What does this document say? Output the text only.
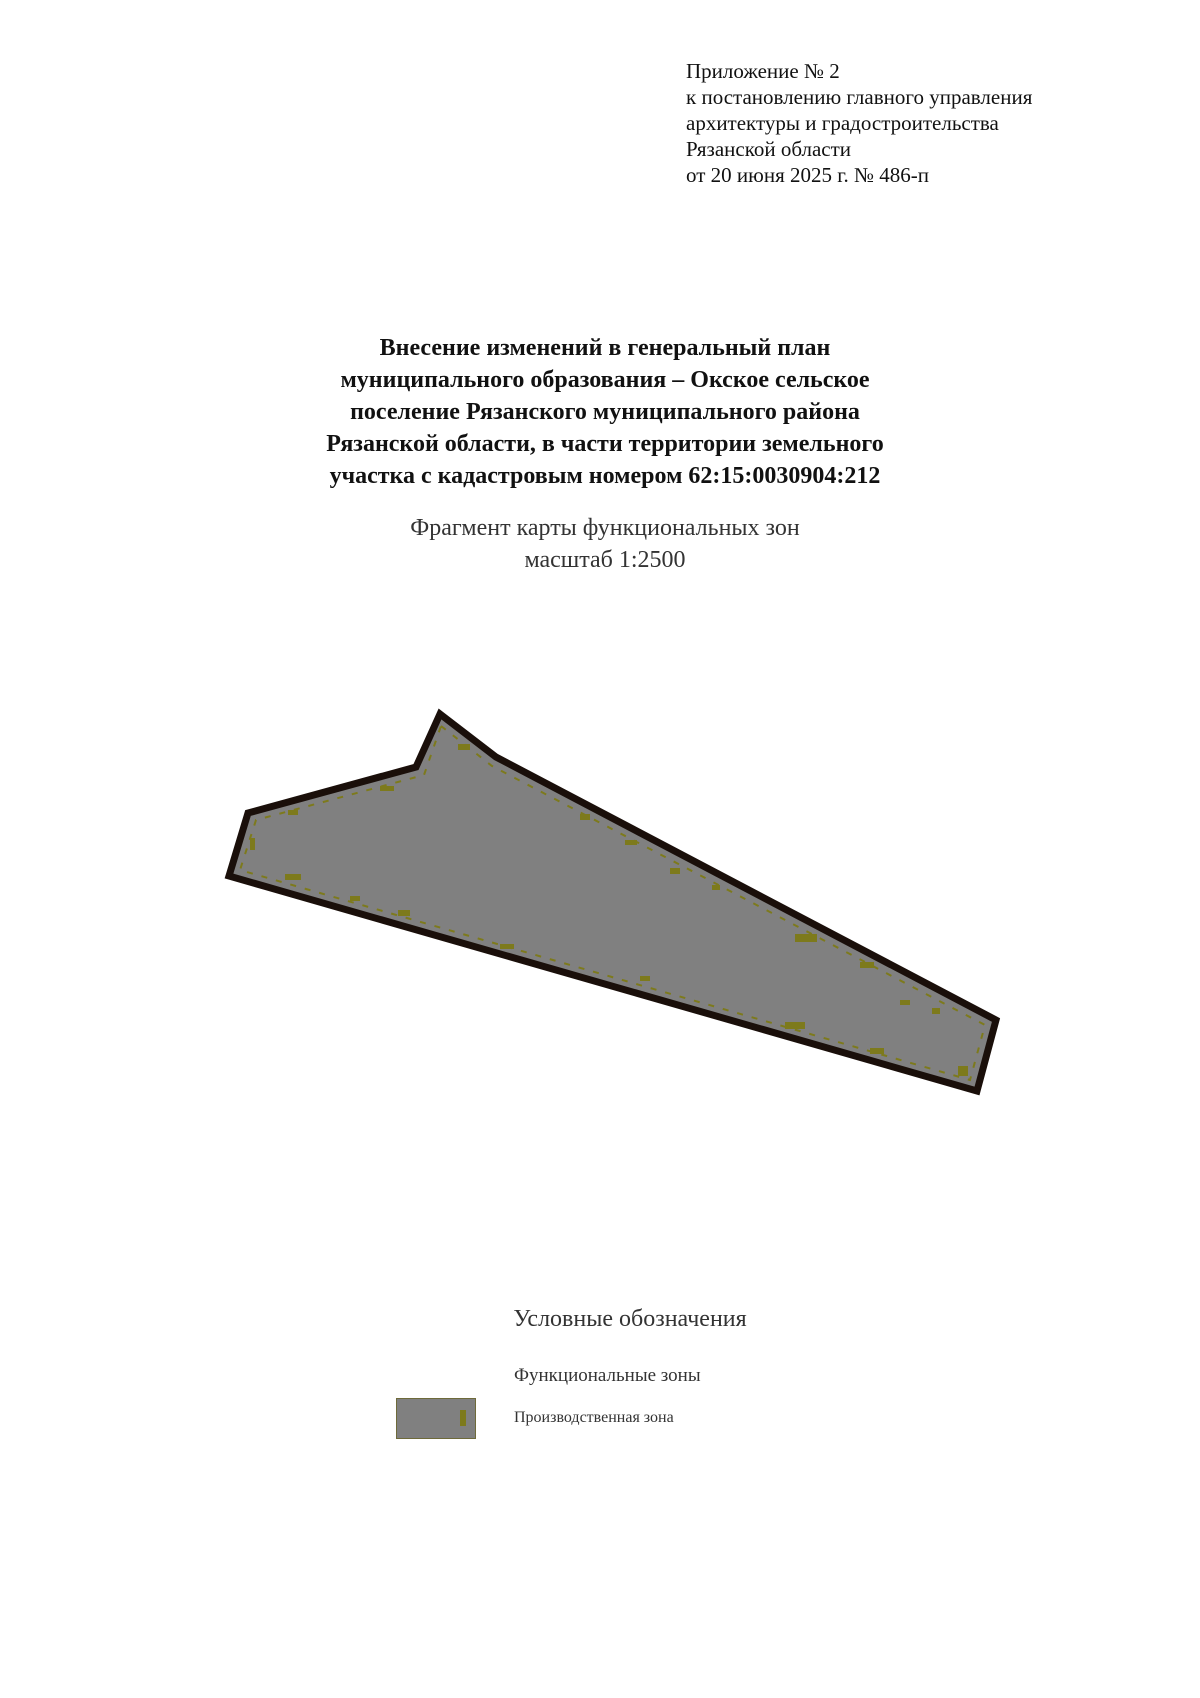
Приложение № 2
к постановлению главного управления
архитектуры и градостроительства
Рязанской области
от 20 июня 2025 г. № 486-п
Внесение изменений в генеральный план
муниципального образования – Окское сельское
поселение Рязанского муниципального района
Рязанской области, в части территории земельного
участка с кадастровым номером 62:15:0030904:212
Фрагмент карты функциональных зон
масштаб 1:2500
Условные обозначения
Функциональные зоны
Производственная зона
